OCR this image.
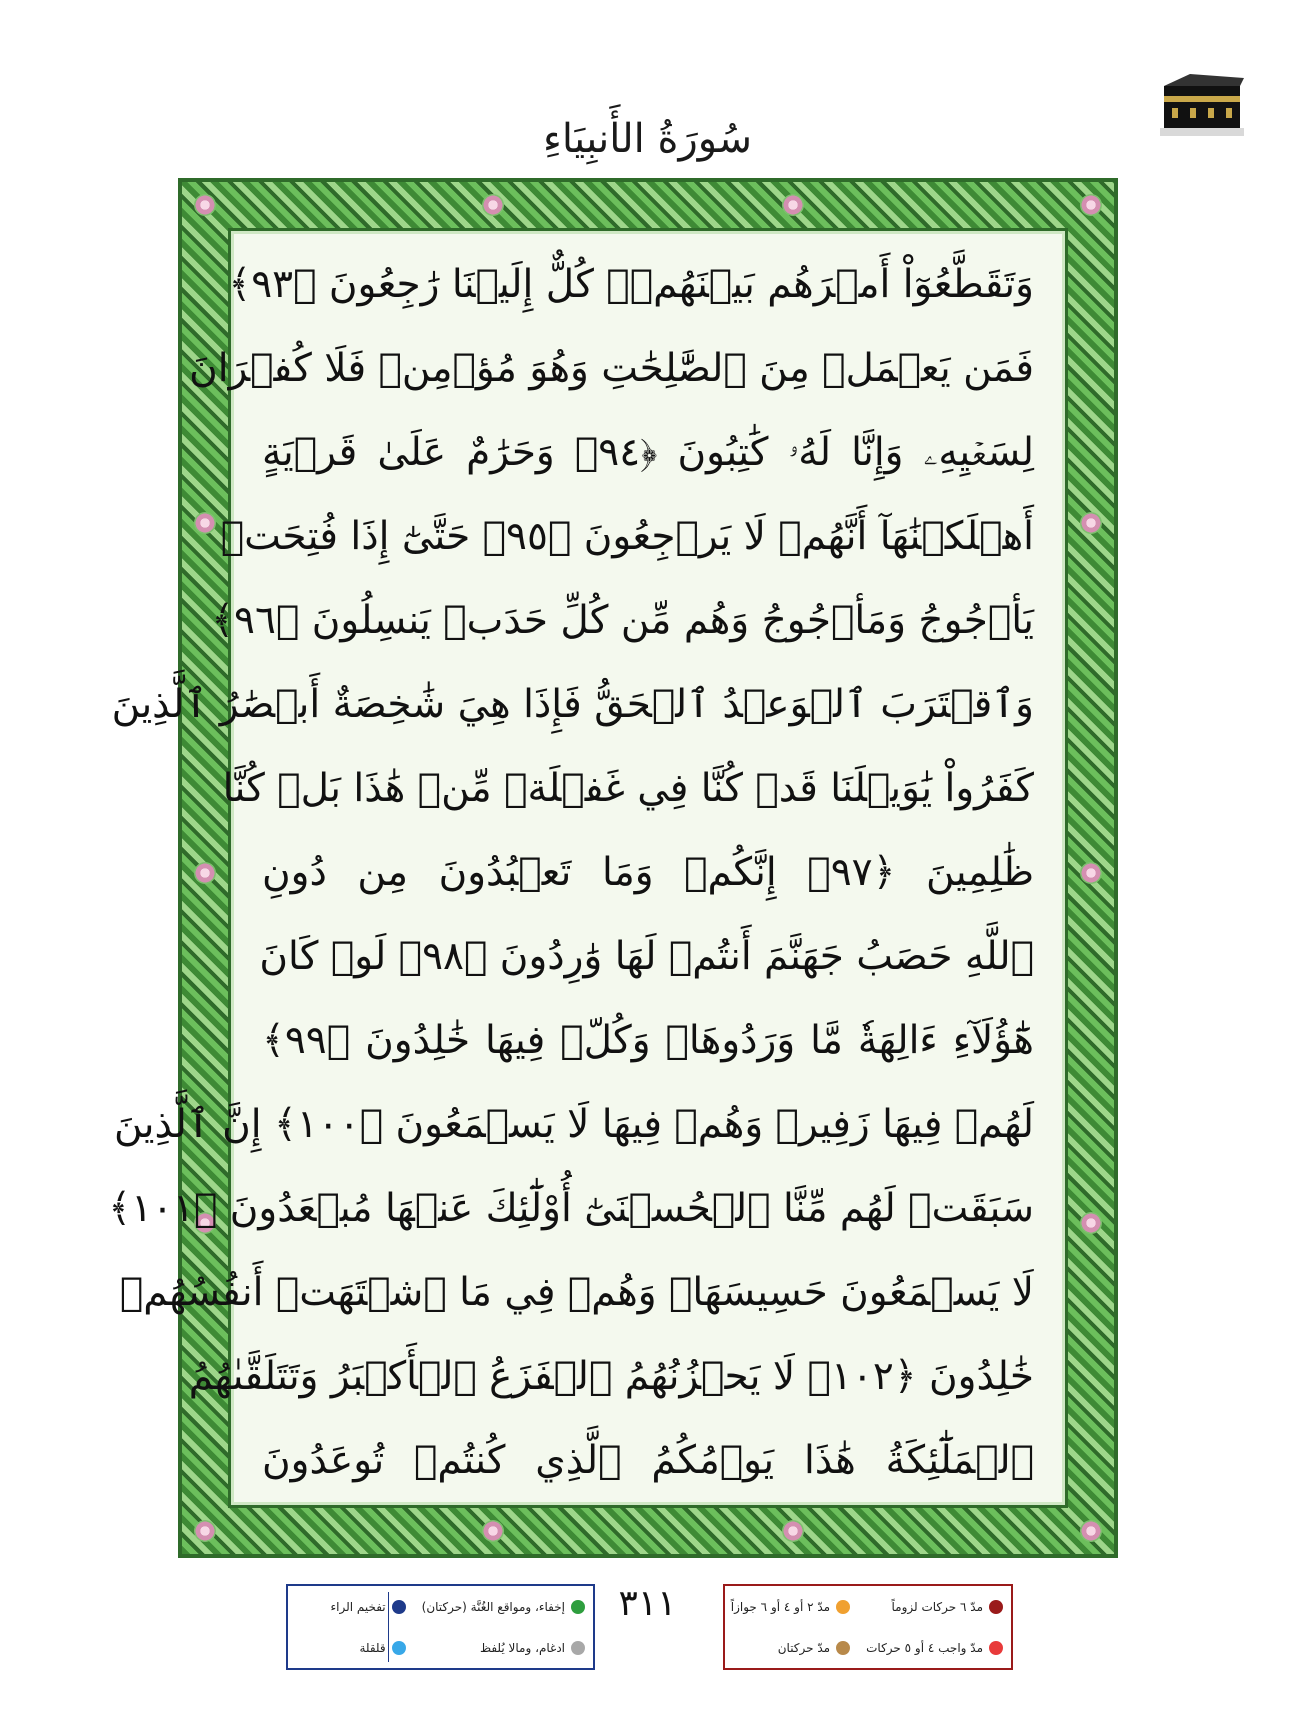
سُورَةُ الأَنبِيَاءِ
وَتَقَطَّعُوٓاْ أَمۡرَهُم بَيۡنَهُمۡۖ كُلٌّ إِلَيۡنَا رَٰجِعُونَ ﴿٩٣﴾
فَمَن يَعۡمَلۡ مِنَ ٱلصَّٰلِحَٰتِ وَهُوَ مُؤۡمِنٞ فَلَا كُفۡرَانَ
لِسَعۡيِهِۦ وَإِنَّا لَهُۥ كَٰتِبُونَ ﴿٩٤﴾ وَحَرَٰمٌ عَلَىٰ قَرۡيَةٍ
أَهۡلَكۡنَٰهَآ أَنَّهُمۡ لَا يَرۡجِعُونَ ﴿٩٥﴾ حَتَّىٰٓ إِذَا فُتِحَتۡ
يَأۡجُوجُ وَمَأۡجُوجُ وَهُم مِّن كُلِّ حَدَبٖ يَنسِلُونَ ﴿٩٦﴾
وَٱقۡتَرَبَ ٱلۡوَعۡدُ ٱلۡحَقُّ فَإِذَا هِيَ شَٰخِصَةٌ أَبۡصَٰرُ ٱلَّذِينَ
كَفَرُواْ يَٰوَيۡلَنَا قَدۡ كُنَّا فِي غَفۡلَةٖ مِّنۡ هَٰذَا بَلۡ كُنَّا
ظَٰلِمِينَ ﴿٩٧﴾ إِنَّكُمۡ وَمَا تَعۡبُدُونَ مِن دُونِ
ٱللَّهِ حَصَبُ جَهَنَّمَ أَنتُمۡ لَهَا وَٰرِدُونَ ﴿٩٨﴾ لَوۡ كَانَ
هَٰٓؤُلَآءِ ءَالِهَةٗ مَّا وَرَدُوهَاۖ وَكُلّٞ فِيهَا خَٰلِدُونَ ﴿٩٩﴾
لَهُمۡ فِيهَا زَفِيرٞ وَهُمۡ فِيهَا لَا يَسۡمَعُونَ ﴿١٠٠﴾ إِنَّ ٱلَّذِينَ
سَبَقَتۡ لَهُم مِّنَّا ٱلۡحُسۡنَىٰٓ أُوْلَٰٓئِكَ عَنۡهَا مُبۡعَدُونَ ﴿١٠١﴾
لَا يَسۡمَعُونَ حَسِيسَهَاۖ وَهُمۡ فِي مَا ٱشۡتَهَتۡ أَنفُسُهُمۡ
خَٰلِدُونَ ﴿١٠٢﴾ لَا يَحۡزُنُهُمُ ٱلۡفَزَعُ ٱلۡأَكۡبَرُ وَتَتَلَقَّىٰهُمُ
ٱلۡمَلَٰٓئِكَةُ هَٰذَا يَوۡمُكُمُ ٱلَّذِي كُنتُمۡ تُوعَدُونَ
إخفاء، ومواقع الغُنَّة (حركتان)
تفخيم الراء
ادغام، ومالا يُلفظ
قلقلة
٣١١	مدّ ٦ حركات لزوماً
مدّ ٢ أو ٤ أو ٦ جوازاً
مدّ واجب ٤ أو ٥ حركات
مدّ حركتان
